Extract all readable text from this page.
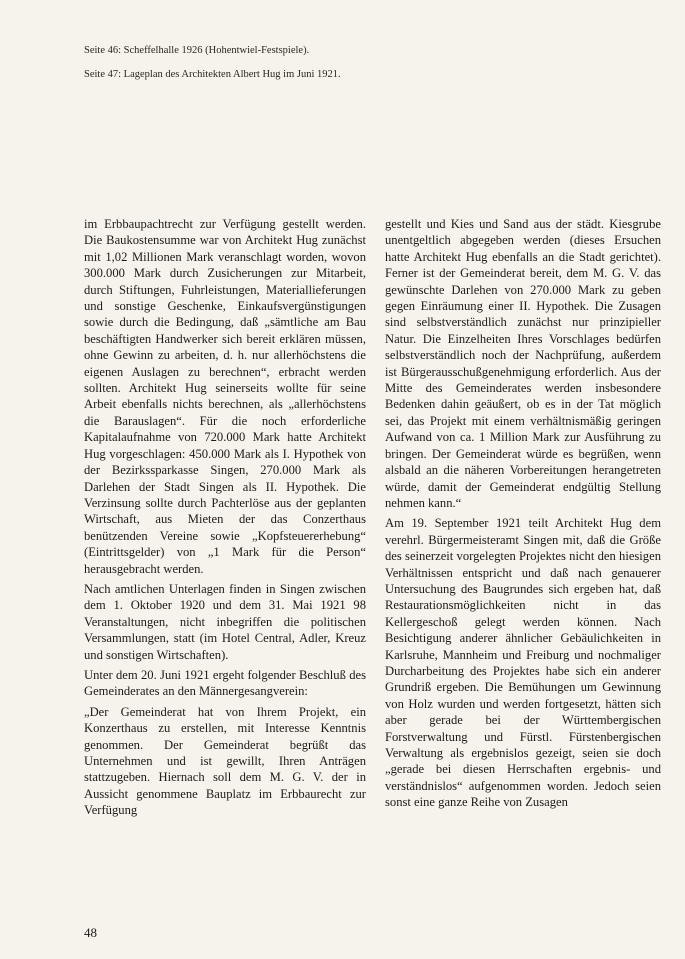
Seite 46: Scheffelhalle 1926 (Hohentwiel-Festspiele).

Seite 47: Lageplan des Architekten Albert Hug im Juni 1921.

im Erbbaupachtrecht zur Verfügung gestellt werden. Die Baukostensumme war von Architekt Hug zunächst mit 1,02 Millionen Mark veranschlagt worden, wovon 300.000 Mark durch Zusicherungen zur Mitarbeit, durch Stiftungen, Fuhrleistungen, Materiallieferungen und sonstige Geschenke, Einkaufsvergünstigungen sowie durch die Bedingung, daß „sämtliche am Bau beschäftigten Handwerker sich bereit erklären müssen, ohne Gewinn zu arbeiten, d. h. nur allerhöchstens die eigenen Auslagen zu berechnen“, erbracht werden sollten. Architekt Hug seinerseits wollte für seine Arbeit ebenfalls nichts berechnen, als „allerhöchstens die Barauslagen“. Für die noch erforderliche Kapitalaufnahme von 720.000 Mark hatte Architekt Hug vorgeschlagen: 450.000 Mark als I. Hypothek von der Bezirkssparkasse Singen, 270.000 Mark als Darlehen der Stadt Singen als II. Hypothek. Die Verzinsung sollte durch Pachterlöse aus der geplanten Wirtschaft, aus Mieten der das Conzerthaus benützenden Vereine sowie „Kopfsteuererhebung“ (Eintrittsgelder) von „1 Mark für die Person“ herausgebracht werden.

Nach amtlichen Unterlagen finden in Singen zwischen dem 1. Oktober 1920 und dem 31. Mai 1921 98 Veranstaltungen, nicht inbegriffen die politischen Versammlungen, statt (im Hotel Central, Adler, Kreuz und sonstigen Wirtschaften).

Unter dem 20. Juni 1921 ergeht folgender Beschluß des Gemeinderates an den Männergesangverein:

„Der Gemeinderat hat von Ihrem Projekt, ein Konzerthaus zu erstellen, mit Interesse Kenntnis genommen. Der Gemeinderat begrüßt das Unternehmen und ist gewillt, Ihren Anträgen stattzugeben. Hiernach soll dem M. G. V. der in Aussicht genommene Bauplatz im Erbbaurecht zur Verfügung

gestellt und Kies und Sand aus der städt. Kiesgrube unentgeltlich abgegeben werden (dieses Ersuchen hatte Architekt Hug ebenfalls an die Stadt gerichtet). Ferner ist der Gemeinderat bereit, dem M. G. V. das gewünschte Darlehen von 270.000 Mark zu geben gegen Einräumung einer II. Hypothek. Die Zusagen sind selbstverständlich zunächst nur prinzipieller Natur. Die Einzelheiten Ihres Vorschlages bedürfen selbstverständlich noch der Nachprüfung, außerdem ist Bürgerausschußgenehmigung erforderlich. Aus der Mitte des Gemeinderates werden insbesondere Bedenken dahin geäußert, ob es in der Tat möglich sei, das Projekt mit einem verhältnismäßig geringen Aufwand von ca. 1 Million Mark zur Ausführung zu bringen. Der Gemeinderat würde es begrüßen, wenn alsbald an die näheren Vorbereitungen herangetreten würde, damit der Gemeinderat endgültig Stellung nehmen kann.“

Am 19. September 1921 teilt Architekt Hug dem verehrl. Bürgermeisteramt Singen mit, daß die Größe des seinerzeit vorgelegten Projektes nicht den hiesigen Verhältnissen entspricht und daß nach genauerer Untersuchung des Baugrundes sich ergeben hat, daß Restaurationsmöglichkeiten nicht in das Kellergeschoß gelegt werden können. Nach Besichtigung anderer ähnlicher Gebäulichkeiten in Karlsruhe, Mannheim und Freiburg und nochmaliger Durcharbeitung des Projektes habe sich ein anderer Grundriß ergeben. Die Bemühungen um Gewinnung von Holz wurden und werden fortgesetzt, hätten sich aber gerade bei der Württembergischen Forstverwaltung und Fürstl. Fürstenbergischen Verwaltung als ergebnislos gezeigt, seien sie doch „gerade bei diesen Herrschaften ergebnis- und verständnislos“ aufgenommen worden. Jedoch seien sonst eine ganze Reihe von Zusagen

48
